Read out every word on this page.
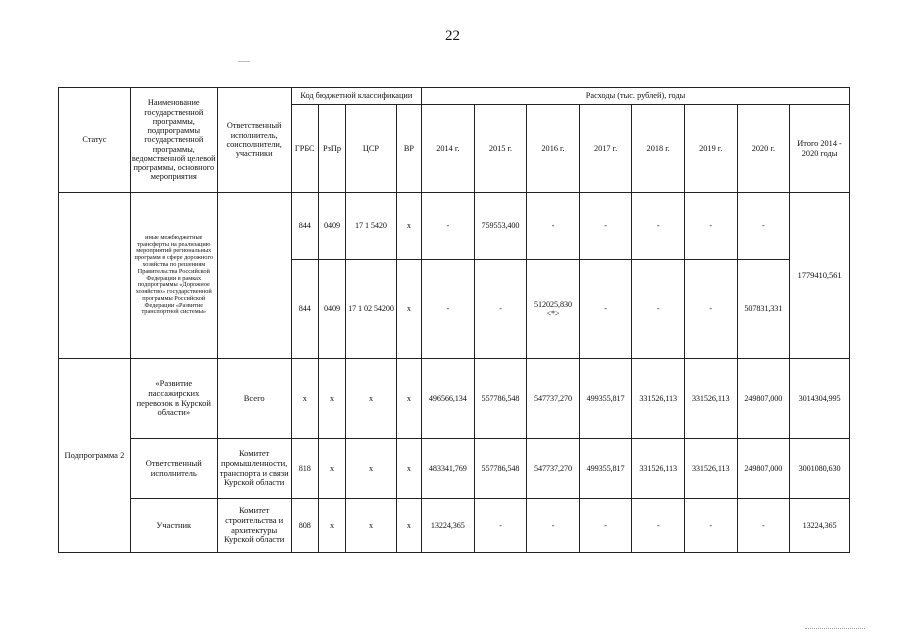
22
Статус	Наименование государственной программы, подпрограммы государственной программы, ведомственной целевой программы, основного мероприятия	Ответственный исполнитель, соисполнители, участники	Код бюджетной классификации				Расходы (тыс. рублей), годы							
			ГРБС	РзПр	ЦСР	ВР	2014 г.	2015 г.	2016 г.	2017 г.	2018 г.	2019 г.	2020 г.	Итого 2014 - 2020 годы
	иные межбюджетные трансферты на реализацию мероприятий региональных программ в сфере дорожного хозяйства по решениям Правительства Российской Федерации в рамках подпрограммы «Дорожное хозяйство» государственной программы Российской Федерации «Развитие транспортной системы»		844	0409	17 1 5420	x	-	759553,400	-	-	-	-	-	1779410,561
			844	0409	17 1 02 54200	x	-	-	512025,830 <*>	-	-	-	507831,331	
Подпрограмма 2	«Развитие пассажирских перевозок в Курской области»	Всего	x	x	x	x	496566,134	557786,548	547737,270	499355,817	331526,113	331526,113	249807,000	3014304,995
	Ответственный исполнитель	Комитет промышленности, транспорта и связи Курской области	818	x	x	x	483341,769	557786,548	547737,270	499355,817	331526,113	331526,113	249807,000	3001080,630
	Участник	Комитет строительства и архитектуры Курской области	808	x	x	x	13224,365	-	-	-	-	-	-	13224,365
